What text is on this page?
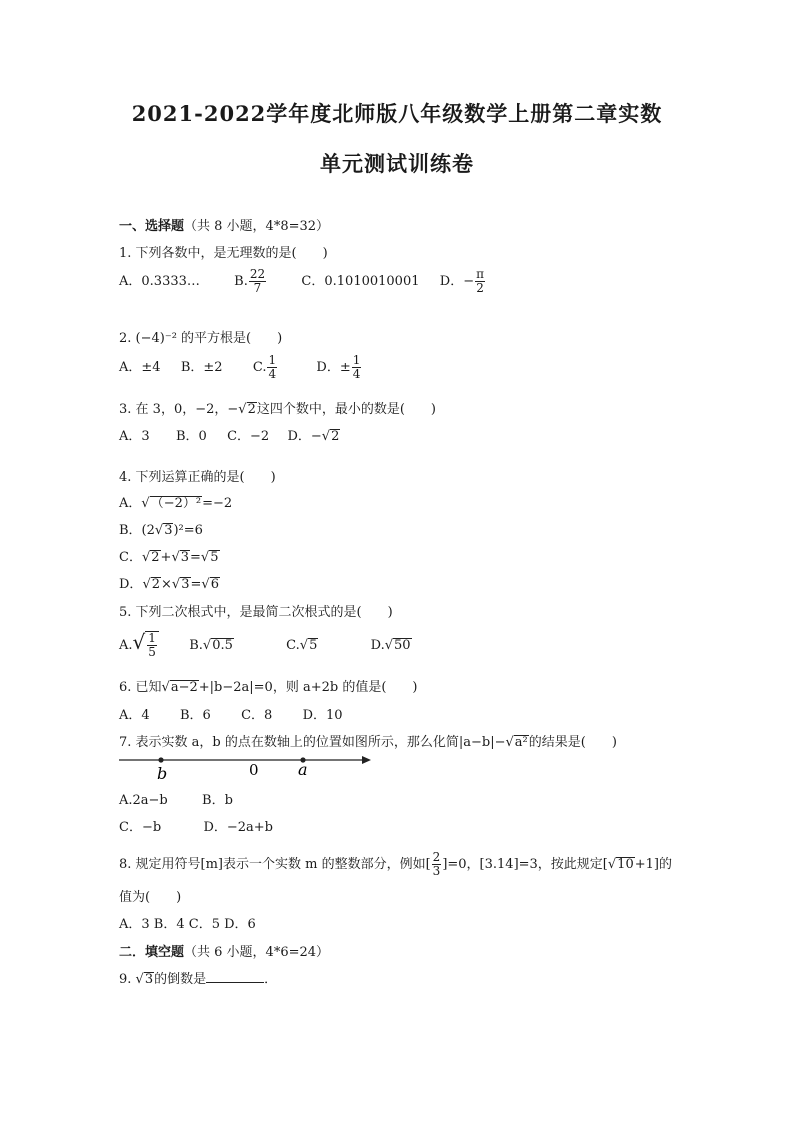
2021-2022学年度北师版八年级数学上册第二章实数
单元测试训练卷
一、选择题（共 8 小题，4*8=32）
1. 下列各数中，是无理数的是(　　)
A．0.3333…	B. $\frac{22}{7}$	C．0.1010010001 D．− $\frac{\pi}{2}$
2. (−4)⁻² 的平方根是(　　)
A．±4 B．±2 C. $\frac{1}{4}$	D．± $\frac{1}{4}$
3. 在 3，0，−2，−√2这四个数中，最小的数是(　　)
A．3 B．0 C．−2 D．−√2
4. 下列运算正确的是(　　)
A．√（−2）²=−2
B．(2√3)²=6
C．√2+√3=√5
D．√2×√3=√6
5. 下列二次根式中，是最简二次根式的是(　　)
$A.√ \frac{1}{5} B.√0.5$	C.√5	D.√50
6. 已知√a−2+|b−2a|=0，则 a+2b 的值是(　　)
A．4 B．6 C．8 D．10
7. 表示实数 a，b 的点在数轴上的位置如图所示，那么化简|a−b|−√a²的结果是(　　)
b	0 a
A.2a−b	B．b
C．−b	D．−2a+b
8. 规定用符号[m]表示一个实数 m 的整数部分，例如[ $\frac{2}{3} ]=0$，[3.14]=3，按此规定[√10+1]的
值为(　　)
A．3 B．4 C．5 D．6
二．填空题（共 6 小题，4*6=24）
9. √3的倒数是	．
